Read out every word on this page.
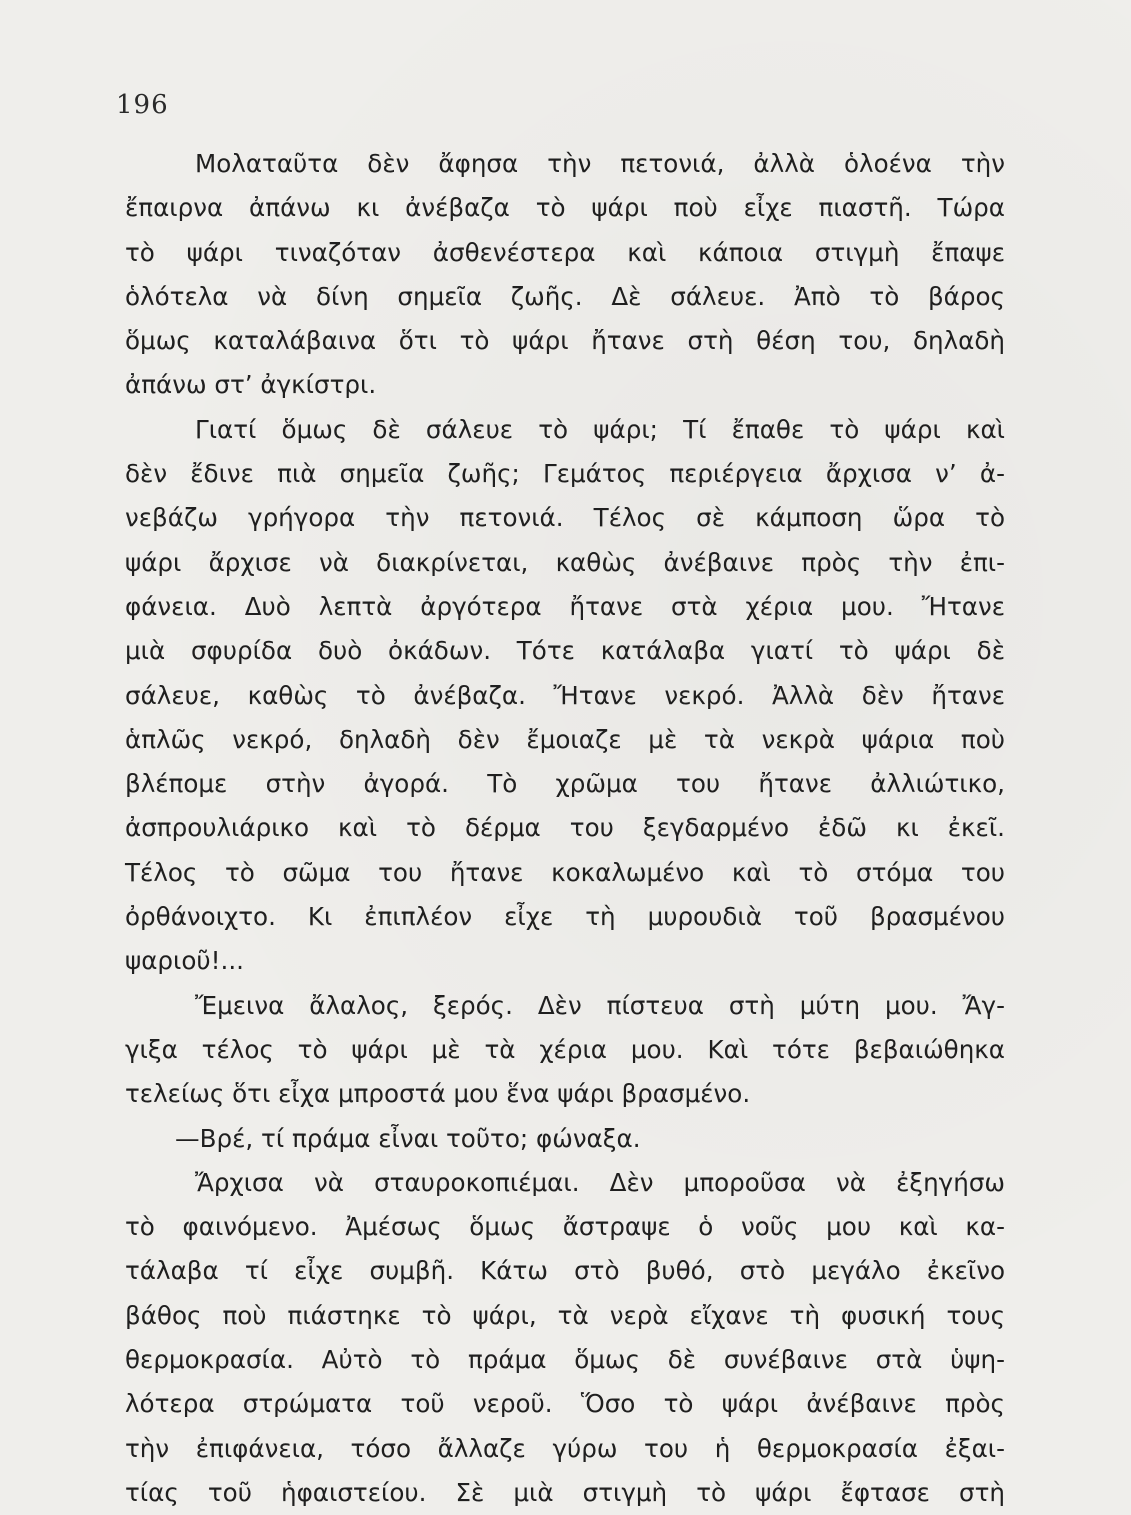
196
Μολαταῦτα δὲν ἄφησα τὴν πετονιά, ἀλλὰ ὁλοένα τὴν
ἔπαιρνα ἀπάνω κι ἀνέβαζα τὸ ψάρι ποὺ εἶχε πιαστῆ. Τώρα
τὸ ψάρι τιναζόταν ἀσθενέστερα καὶ κάποια στιγμὴ ἔπαψε
ὁλότελα νὰ δίνη σημεῖα ζωῆς. Δὲ σάλευε. Ἀπὸ τὸ βάρος
ὅμως καταλάβαινα ὅτι τὸ ψάρι ἤτανε στὴ θέση του, δηλαδὴ
ἀπάνω στ’ ἀγκίστρι.
Γιατί ὅμως δὲ σάλευε τὸ ψάρι; Τί ἔπαθε τὸ ψάρι καὶ
δὲν ἔδινε πιὰ σημεῖα ζωῆς; Γεμάτος περιέργεια ἄρχισα ν’ ἀ-
νεβάζω γρήγορα τὴν πετονιά. Τέλος σὲ κάμποση ὥρα τὸ
ψάρι ἄρχισε νὰ διακρίνεται, καθὼς ἀνέβαινε πρὸς τὴν ἐπι-
φάνεια. Δυὸ λεπτὰ ἀργότερα ἤτανε στὰ χέρια μου. Ἤτανε
μιὰ σφυρίδα δυὸ ὀκάδων. Τότε κατάλαβα γιατί τὸ ψάρι δὲ
σάλευε, καθὼς τὸ ἀνέβαζα. Ἤτανε νεκρό. Ἀλλὰ δὲν ἤτανε
ἁπλῶς νεκρό, δηλαδὴ δὲν ἔμοιαζε μὲ τὰ νεκρὰ ψάρια ποὺ
βλέπομε στὴν ἀγορά. Τὸ χρῶμα του ἤτανε ἀλλιώτικο,
ἀσπρουλιάρικο καὶ τὸ δέρμα του ξεγδαρμένο ἐδῶ κι ἐκεῖ.
Τέλος τὸ σῶμα του ἤτανε κοκαλωμένο καὶ τὸ στόμα του
ὀρθάνοιχτο. Κι ἐπιπλέον εἶχε τὴ μυρουδιὰ τοῦ βρασμένου
ψαριοῦ!...
Ἔμεινα ἄλαλος, ξερός. Δὲν πίστευα στὴ μύτη μου. Ἄγ-
γιξα τέλος τὸ ψάρι μὲ τὰ χέρια μου. Καὶ τότε βεβαιώθηκα
τελείως ὅτι εἶχα μπροστά μου ἕνα ψάρι βρασμένο.
—Βρέ, τί πράμα εἶναι τοῦτο; φώναξα.
Ἄρχισα νὰ σταυροκοπιέμαι. Δὲν μποροῦσα νὰ ἐξηγήσω
τὸ φαινόμενο. Ἀμέσως ὅμως ἄστραψε ὁ νοῦς μου καὶ κα-
τάλαβα τί εἶχε συμβῆ. Κάτω στὸ βυθό, στὸ μεγάλο ἐκεῖνο
βάθος ποὺ πιάστηκε τὸ ψάρι, τὰ νερὰ εἴχανε τὴ φυσική τους
θερμοκρασία. Αὐτὸ τὸ πράμα ὅμως δὲ συνέβαινε στὰ ὑψη-
λότερα στρώματα τοῦ νεροῦ. Ὅσο τὸ ψάρι ἀνέβαινε πρὸς
τὴν ἐπιφάνεια, τόσο ἄλλαζε γύρω του ἡ θερμοκρασία ἐξαι-
τίας τοῦ ἡφαιστείου. Σὲ μιὰ στιγμὴ τὸ ψάρι ἔφτασε στὴ
